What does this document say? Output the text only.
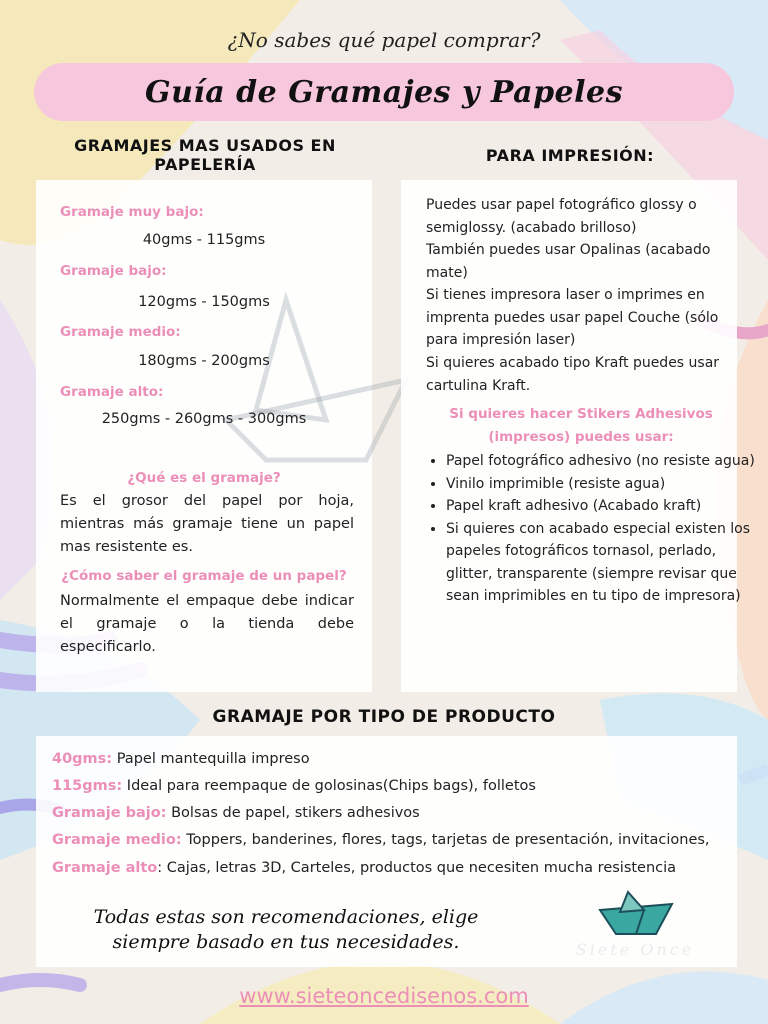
¿No sabes qué papel comprar?
Guía de Gramajes y Papeles
GRAMAJES MAS USADOS EN PAPELERÍA
Gramaje muy bajo:
40gms - 115gms
Gramaje bajo:
120gms - 150gms
Gramaje medio:
180gms - 200gms
Gramaje alto:
250gms - 260gms - 300gms
¿Qué es el gramaje?
Es el grosor del papel por hoja, mientras más gramaje tiene un papel mas resistente es.
¿Cómo saber el gramaje de un papel?
Normalmente el empaque debe indicar el gramaje o la tienda debe especificarlo.
PARA IMPRESIÓN:

Puedes usar papel fotográfico glossy o semiglossy. (acabado brilloso)

También puedes usar Opalinas (acabado mate)

Si tienes impresora laser o imprimes en imprenta puedes usar papel Couche (sólo para impresión laser)

Si quieres acabado tipo Kraft puedes usar cartulina Kraft.

Si quieres hacer Stikers Adhesivos (impresos) puedes usar:
• Papel fotográfico adhesivo (no resiste agua)
• Vinilo imprimible (resiste agua)
• Papel kraft adhesivo (Acabado kraft)
• Si quieres con acabado especial existen los papeles fotográficos tornasol, perlado, glitter, transparente (siempre revisar que sean imprimibles en tu tipo de impresora)
GRAMAJE POR TIPO DE PRODUCTO
40gms: Papel mantequilla impreso
115gms: Ideal para reempaque de golosinas(Chips bags), folletos
Gramaje bajo: Bolsas de papel, stikers adhesivos
Gramaje medio: Toppers, banderines, flores, tags, tarjetas de presentación, invitaciones,
Gramaje alto: Cajas, letras 3D, Carteles, productos que necesiten mucha resistencia
Todas estas son recomendaciones, elige
siempre basado en tus necesidades.
www.sieteoncedisenos.com
